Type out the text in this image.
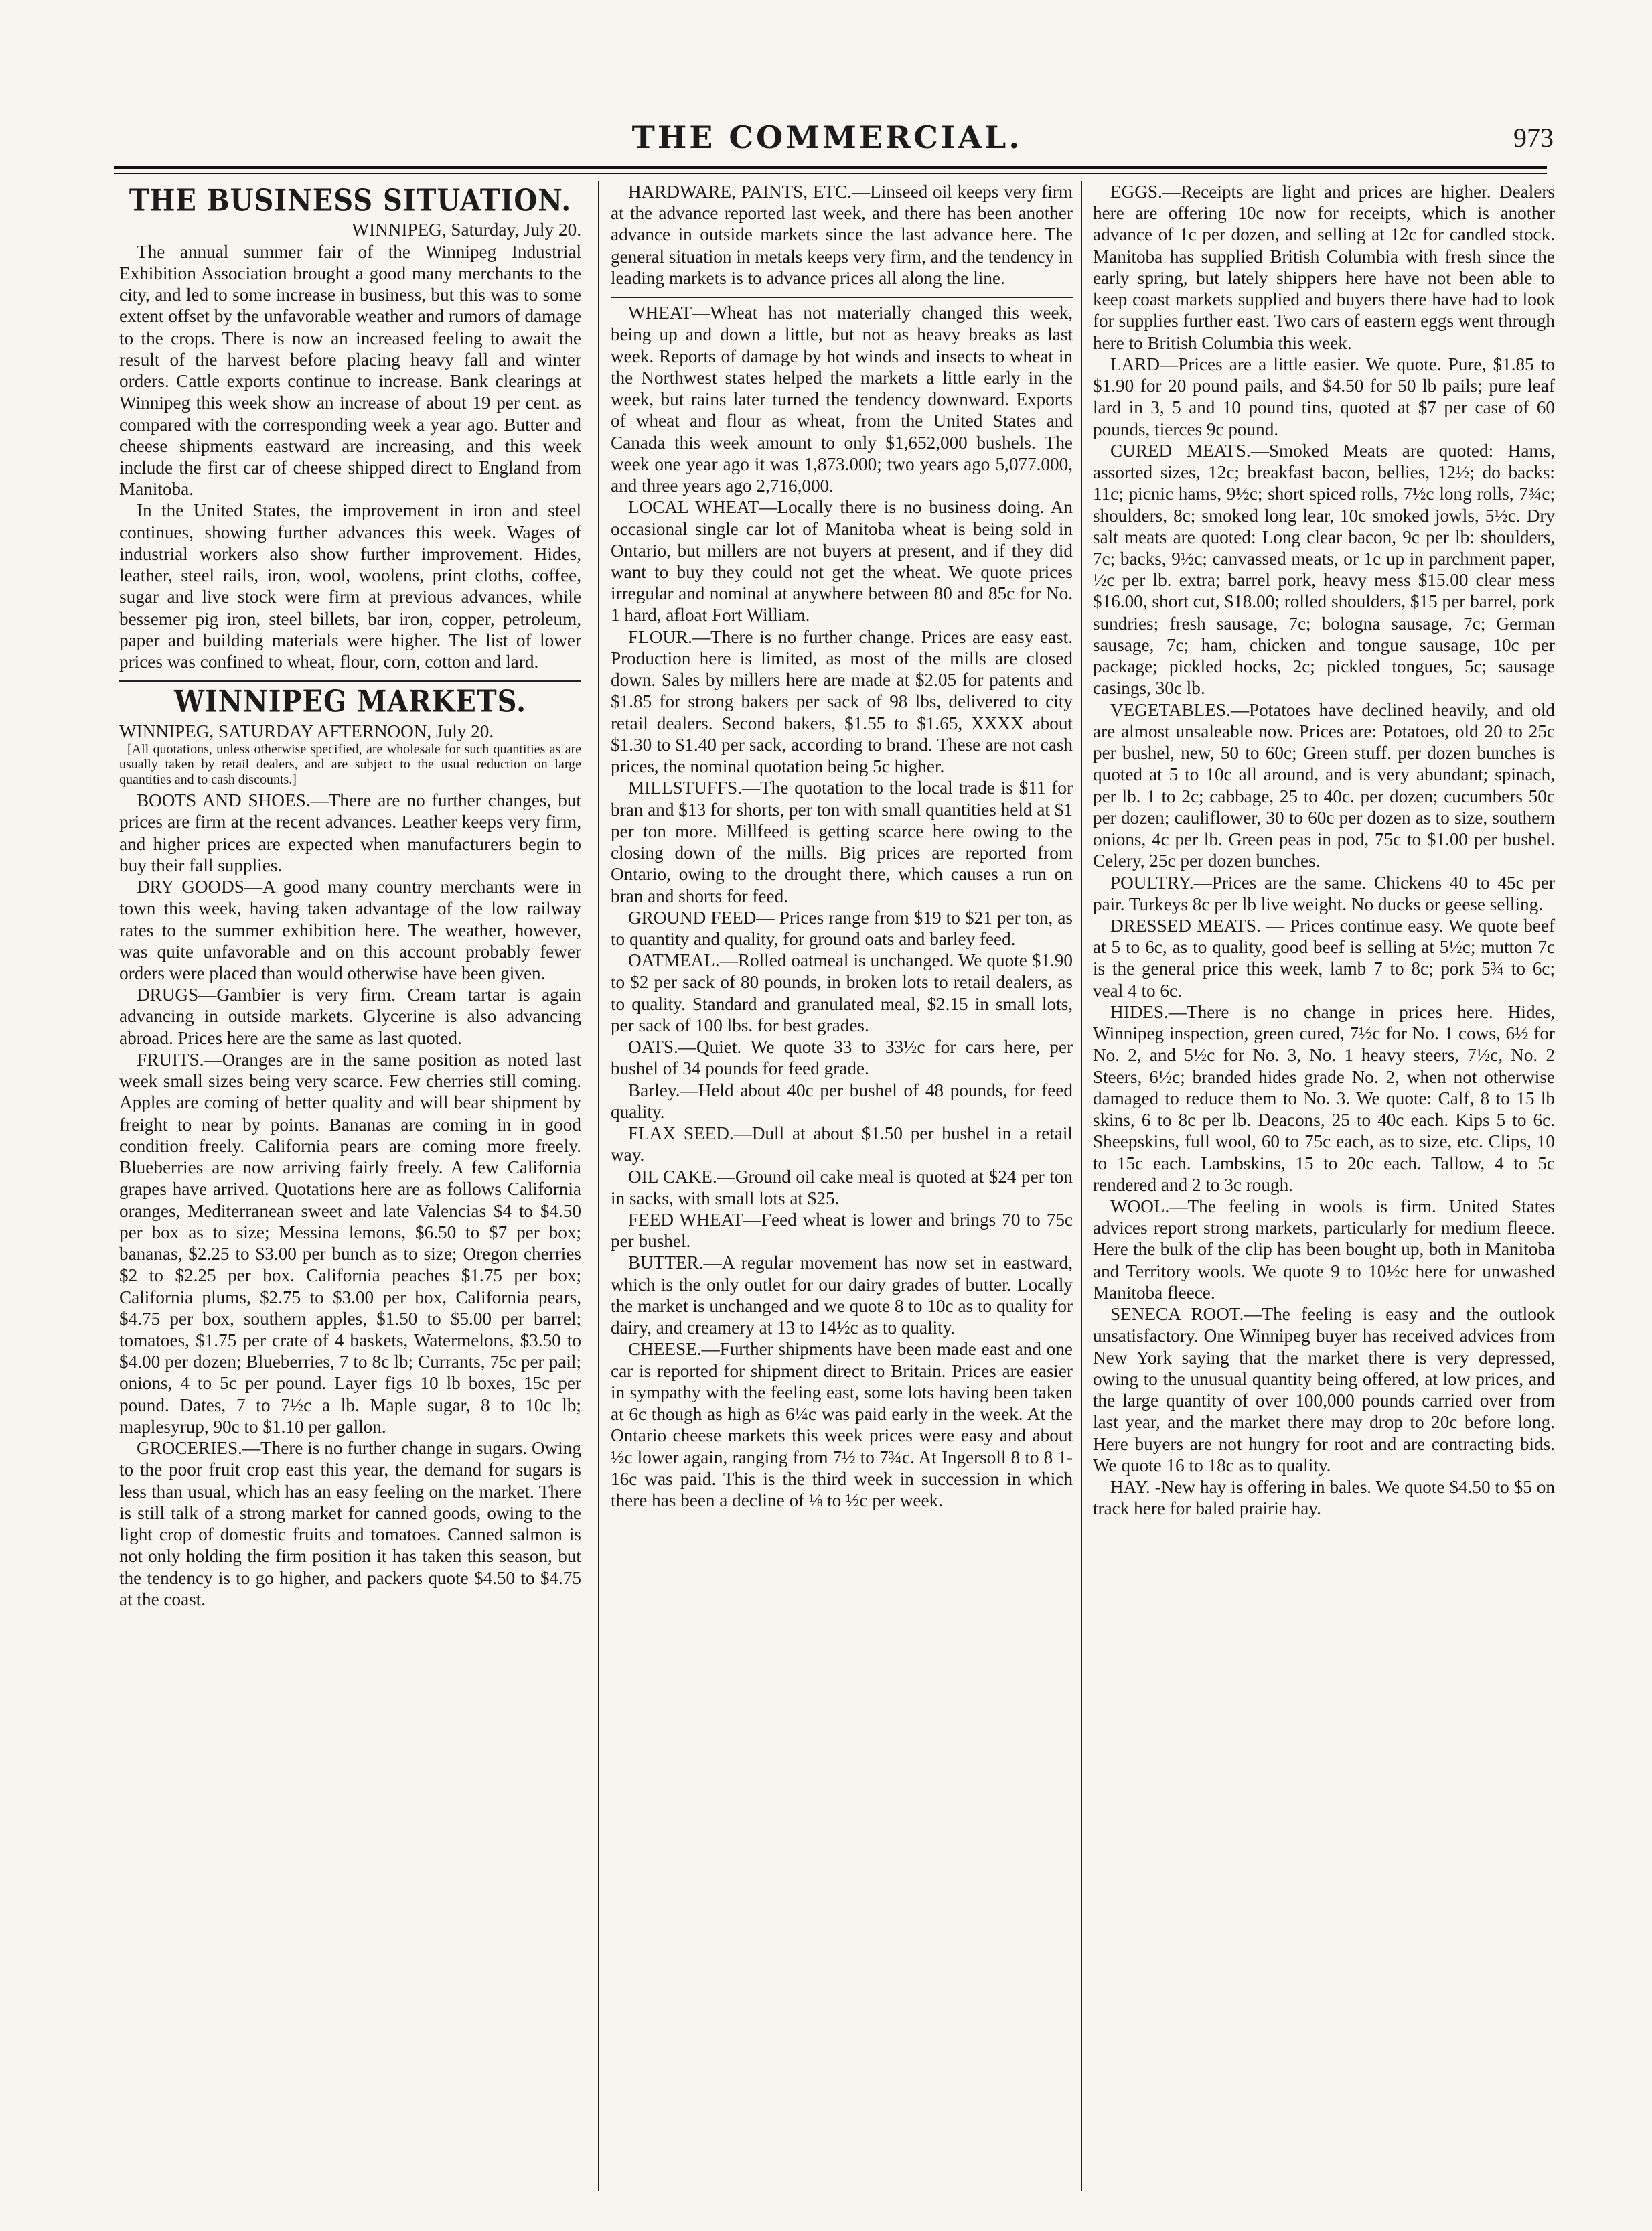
THE COMMERCIAL.	973
THE BUSINESS SITUATION.

WINNIPEG, Saturday, July 20.

The annual summer fair of the Winnipeg Industrial Exhibition Association brought a good many merchants to the city, and led to some increase in business, but this was to some extent offset by the unfavorable weather and rumors of damage to the crops. There is now an increased feeling to await the result of the harvest before placing heavy fall and winter orders. Cattle exports continue to increase. Bank clearings at Winnipeg this week show an increase of about 19 per cent. as compared with the corresponding week a year ago. Butter and cheese shipments eastward are increasing, and this week include the first car of cheese shipped direct to England from Manitoba.

In the United States, the improvement in iron and steel continues, showing further advances this week. Wages of industrial workers also show further improvement. Hides, leather, steel rails, iron, wool, woolens, print cloths, coffee, sugar and live stock were firm at previous advances, while bessemer pig iron, steel billets, bar iron, copper, petroleum, paper and building materials were higher. The list of lower prices was confined to wheat, flour, corn, cotton and lard.

WINNIPEG MARKETS.

WINNIPEG, SATURDAY AFTERNOON, July 20.

[All quotations, unless otherwise specified, are wholesale for such quantities as are usually taken by retail dealers, and are subject to the usual reduction on large quantities and to cash discounts.]

BOOTS AND SHOES.—There are no further changes, but prices are firm at the recent advances. Leather keeps very firm, and higher prices are expected when manufacturers begin to buy their fall supplies.

DRY GOODS—A good many country merchants were in town this week, having taken advantage of the low railway rates to the summer exhibition here. The weather, however, was quite unfavorable and on this account probably fewer orders were placed than would otherwise have been given.

DRUGS—Gambier is very firm. Cream tartar is again advancing in outside markets. Glycerine is also advancing abroad. Prices here are the same as last quoted.

FRUITS.—Oranges are in the same position as noted last week small sizes being very scarce. Few cherries still coming. Apples are coming of better quality and will bear shipment by freight to near by points. Bananas are coming in in good condition freely. California pears are coming more freely. Blueberries are now arriving fairly freely. A few California grapes have arrived. Quotations here are as follows California oranges, Mediterranean sweet and late Valencias $4 to $4.50 per box as to size; Messina lemons, $6.50 to $7 per box; bananas, $2.25 to $3.00 per bunch as to size; Oregon cherries $2 to $2.25 per box. California peaches $1.75 per box; California plums, $2.75 to $3.00 per box, California pears, $4.75 per box, southern apples, $1.50 to $5.00 per barrel; tomatoes, $1.75 per crate of 4 baskets, Watermelons, $3.50 to $4.00 per dozen; Blueberries, 7 to 8c lb; Currants, 75c per pail; onions, 4 to 5c per pound. Layer figs 10 lb boxes, 15c per pound. Dates, 7 to 7½c a lb. Maple sugar, 8 to 10c lb; maplesyrup, 90c to $1.10 per gallon.

GROCERIES.—There is no further change in sugars. Owing to the poor fruit crop east this year, the demand for sugars is less than usual, which has an easy feeling on the market. There is still talk of a strong market for canned goods, owing to the light crop of domestic fruits and tomatoes. Canned salmon is not only holding the firm position it has taken this season, but the tendency is to go higher, and packers quote $4.50 to $4.75 at the coast.

HARDWARE, PAINTS, ETC.—Linseed oil keeps very firm at the advance reported last week, and there has been another advance in outside markets since the last advance here. The general situation in metals keeps very firm, and the tendency in leading markets is to advance prices all along the line.

WHEAT—Wheat has not materially changed this week, being up and down a little, but not as heavy breaks as last week. Reports of damage by hot winds and insects to wheat in the Northwest states helped the markets a little early in the week, but rains later turned the tendency downward. Exports of wheat and flour as wheat, from the United States and Canada this week amount to only $1,652,000 bushels. The week one year ago it was 1,873.000; two years ago 5,077.000, and three years ago 2,716,000.

LOCAL WHEAT—Locally there is no business doing. An occasional single car lot of Manitoba wheat is being sold in Ontario, but millers are not buyers at present, and if they did want to buy they could not get the wheat. We quote prices irregular and nominal at anywhere between 80 and 85c for No. 1 hard, afloat Fort William.

FLOUR.—There is no further change. Prices are easy east. Production here is limited, as most of the mills are closed down. Sales by millers here are made at $2.05 for patents and $1.85 for strong bakers per sack of 98 lbs, delivered to city retail dealers. Second bakers, $1.55 to $1.65, XXXX about $1.30 to $1.40 per sack, according to brand. These are not cash prices, the nominal quotation being 5c higher.

MILLSTUFFS.—The quotation to the local trade is $11 for bran and $13 for shorts, per ton with small quantities held at $1 per ton more. Millfeed is getting scarce here owing to the closing down of the mills. Big prices are reported from Ontario, owing to the drought there, which causes a run on bran and shorts for feed.

GROUND FEED— Prices range from $19 to $21 per ton, as to quantity and quality, for ground oats and barley feed.

OATMEAL.—Rolled oatmeal is unchanged. We quote $1.90 to $2 per sack of 80 pounds, in broken lots to retail dealers, as to quality. Standard and granulated meal, $2.15 in small lots, per sack of 100 lbs. for best grades.

OATS.—Quiet. We quote 33 to 33½c for cars here, per bushel of 34 pounds for feed grade.

Barley.—Held about 40c per bushel of 48 pounds, for feed quality.

FLAX SEED.—Dull at about $1.50 per bushel in a retail way.

OIL CAKE.—Ground oil cake meal is quoted at $24 per ton in sacks, with small lots at $25.

FEED WHEAT—Feed wheat is lower and brings 70 to 75c per bushel.

BUTTER.—A regular movement has now set in eastward, which is the only outlet for our dairy grades of butter. Locally the market is unchanged and we quote 8 to 10c as to quality for dairy, and creamery at 13 to 14½c as to quality.

CHEESE.—Further shipments have been made east and one car is reported for shipment direct to Britain. Prices are easier in sympathy with the feeling east, some lots having been taken at 6c though as high as 6¼c was paid early in the week. At the Ontario cheese markets this week prices were easy and about ½c lower again, ranging from 7½ to 7¾c. At Ingersoll 8 to 8 1-16c was paid. This is the third week in succession in which there has been a decline of ⅛ to ½c per week.

EGGS.—Receipts are light and prices are higher. Dealers here are offering 10c now for receipts, which is another advance of 1c per dozen, and selling at 12c for candled stock. Manitoba has supplied British Columbia with fresh since the early spring, but lately shippers here have not been able to keep coast markets supplied and buyers there have had to look for supplies further east. Two cars of eastern eggs went through here to British Columbia this week.

LARD—Prices are a little easier. We quote. Pure, $1.85 to $1.90 for 20 pound pails, and $4.50 for 50 lb pails; pure leaf lard in 3, 5 and 10 pound tins, quoted at $7 per case of 60 pounds, tierces 9c pound.

CURED MEATS.—Smoked Meats are quoted: Hams, assorted sizes, 12c; breakfast bacon, bellies, 12½; do backs: 11c; picnic hams, 9½c; short spiced rolls, 7½c long rolls, 7¾c; shoulders, 8c; smoked long lear, 10c smoked jowls, 5½c. Dry salt meats are quoted: Long clear bacon, 9c per lb: shoulders, 7c; backs, 9½c; canvassed meats, or 1c up in parchment paper, ½c per lb. extra; barrel pork, heavy mess $15.00 clear mess $16.00, short cut, $18.00; rolled shoulders, $15 per barrel, pork sundries; fresh sausage, 7c; bologna sausage, 7c; German sausage, 7c; ham, chicken and tongue sausage, 10c per package; pickled hocks, 2c; pickled tongues, 5c; sausage casings, 30c lb.

VEGETABLES.—Potatoes have declined heavily, and old are almost unsaleable now. Prices are: Potatoes, old 20 to 25c per bushel, new, 50 to 60c; Green stuff. per dozen bunches is quoted at 5 to 10c all around, and is very abundant; spinach, per lb. 1 to 2c; cabbage, 25 to 40c. per dozen; cucumbers 50c per dozen; cauliflower, 30 to 60c per dozen as to size, southern onions, 4c per lb. Green peas in pod, 75c to $1.00 per bushel. Celery, 25c per dozen bunches.

POULTRY.—Prices are the same. Chickens 40 to 45c per pair. Turkeys 8c per lb live weight. No ducks or geese selling.

DRESSED MEATS. — Prices continue easy. We quote beef at 5 to 6c, as to quality, good beef is selling at 5½c; mutton 7c is the general price this week, lamb 7 to 8c; pork 5¾ to 6c; veal 4 to 6c.

HIDES.—There is no change in prices here. Hides, Winnipeg inspection, green cured, 7½c for No. 1 cows, 6½ for No. 2, and 5½c for No. 3, No. 1 heavy steers, 7½c, No. 2 Steers, 6½c; branded hides grade No. 2, when not otherwise damaged to reduce them to No. 3. We quote: Calf, 8 to 15 lb skins, 6 to 8c per lb. Deacons, 25 to 40c each. Kips 5 to 6c. Sheepskins, full wool, 60 to 75c each, as to size, etc. Clips, 10 to 15c each. Lambskins, 15 to 20c each. Tallow, 4 to 5c rendered and 2 to 3c rough.

WOOL.—The feeling in wools is firm. United States advices report strong markets, particularly for medium fleece. Here the bulk of the clip has been bought up, both in Manitoba and Territory wools. We quote 9 to 10½c here for unwashed Manitoba fleece.

SENECA ROOT.—The feeling is easy and the outlook unsatisfactory. One Winnipeg buyer has received advices from New York saying that the market there is very depressed, owing to the unusual quantity being offered, at low prices, and the large quantity of over 100,000 pounds carried over from last year, and the market there may drop to 20c before long. Here buyers are not hungry for root and are contracting bids. We quote 16 to 18c as to quality.

HAY. -New hay is offering in bales. We quote $4.50 to $5 on track here for baled prairie hay.
